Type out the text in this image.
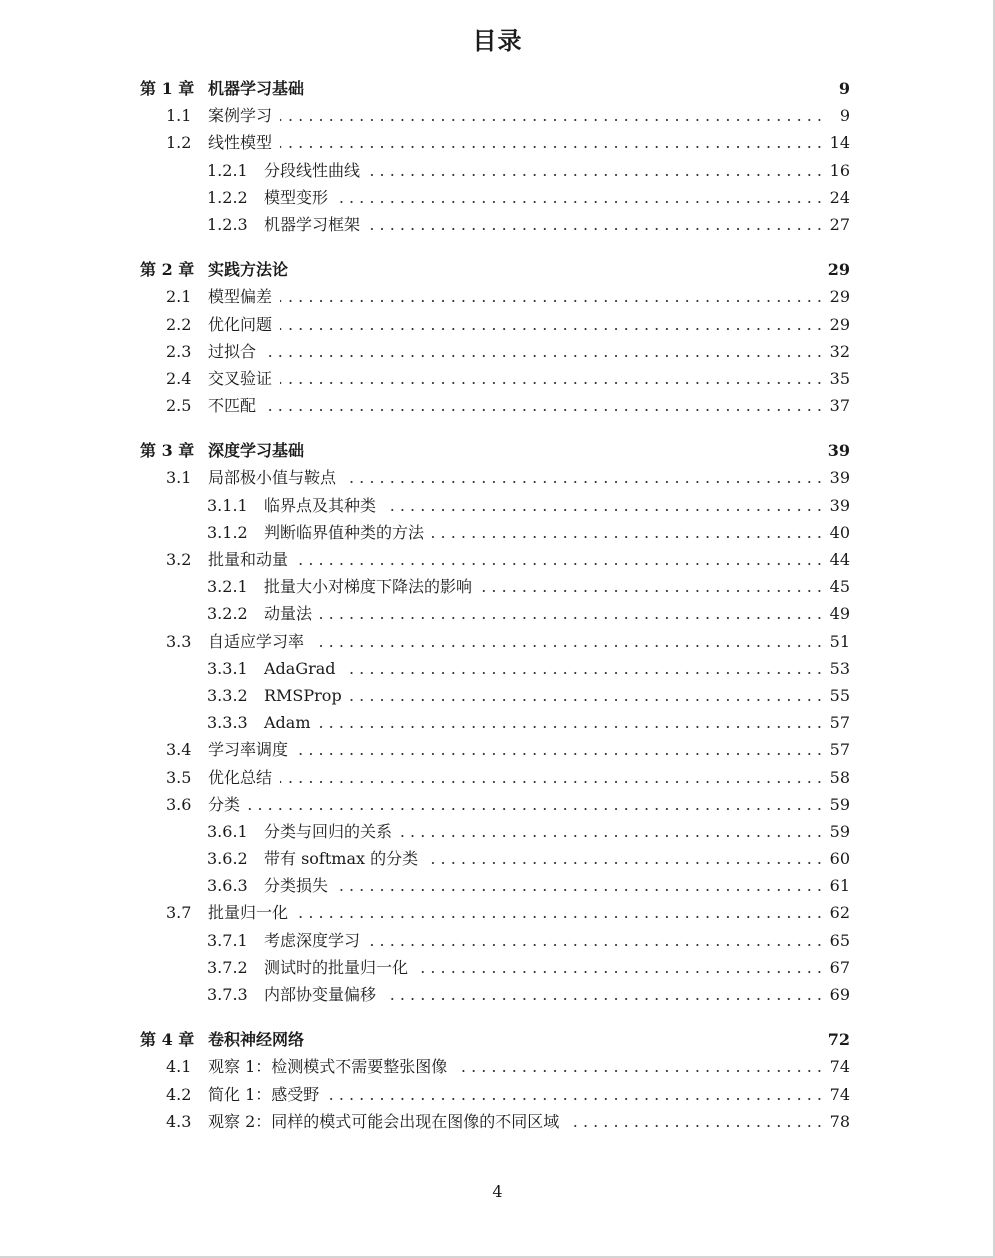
目录
第 1 章 机器学习基础	9
1.1	案例学习 . . .	9
1.2	线性模型 . . .	14
1.2.1	分段线性曲线 . . .	16
1.2.2	模型变形 . . .	24
1.2.3	机器学习框架 . . .	27
第 2 章 实践方法论	29
2.1	模型偏差 . . .	29
2.2	优化问题 . . .	29
2.3	过拟合 . . .	32
2.4	交叉验证 . . .	35
2.5	不匹配 . . .	37
第 3 章 深度学习基础	39
3.1	局部极小值与鞍点 . . .	39
3.1.1	临界点及其种类 . . .	39
3.1.2	判断临界值种类的方法 . . .	40
3.2	批量和动量 . . .	44
3.2.1	批量大小对梯度下降法的影响 . . .	45
3.2.2	动量法 . . .	49
3.3	自适应学习率 . . .	51
3.3.1	AdaGrad . . .	53
3.3.2	RMSProp . . .	55
3.3.3	Adam . . .	57
3.4	学习率调度 . . .	57
3.5	优化总结 . . .	58
3.6	分类 . . .	59
3.6.1	分类与回归的关系 . . .	59
3.6.2	带有 softmax 的分类 . . .	60
3.6.3	分类损失 . . .	61
3.7	批量归一化 . . .	62
3.7.1	考虑深度学习 . . .	65
3.7.2	测试时的批量归一化 . . .	67
3.7.3	内部协变量偏移 . . .	69
第 4 章 卷积神经网络	72
4.1	观察 1：检测模式不需要整张图像 . . .	74
4.2	简化 1：感受野 . . .	74
4.3	观察 2：同样的模式可能会出现在图像的不同区域 . . .	78
4
